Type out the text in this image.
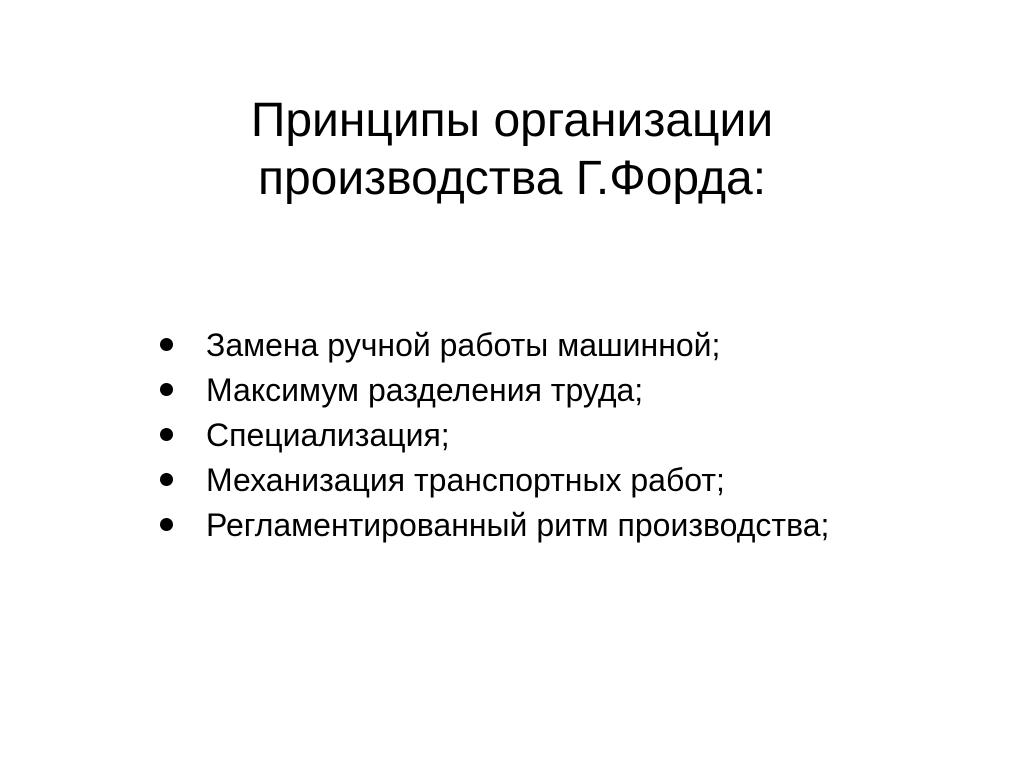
Принципы организации
производства Г.Форда:
Замена ручной работы машинной;
Максимум разделения труда;
Специализация;
Механизация транспортных работ;
Регламентированный ритм производства;
